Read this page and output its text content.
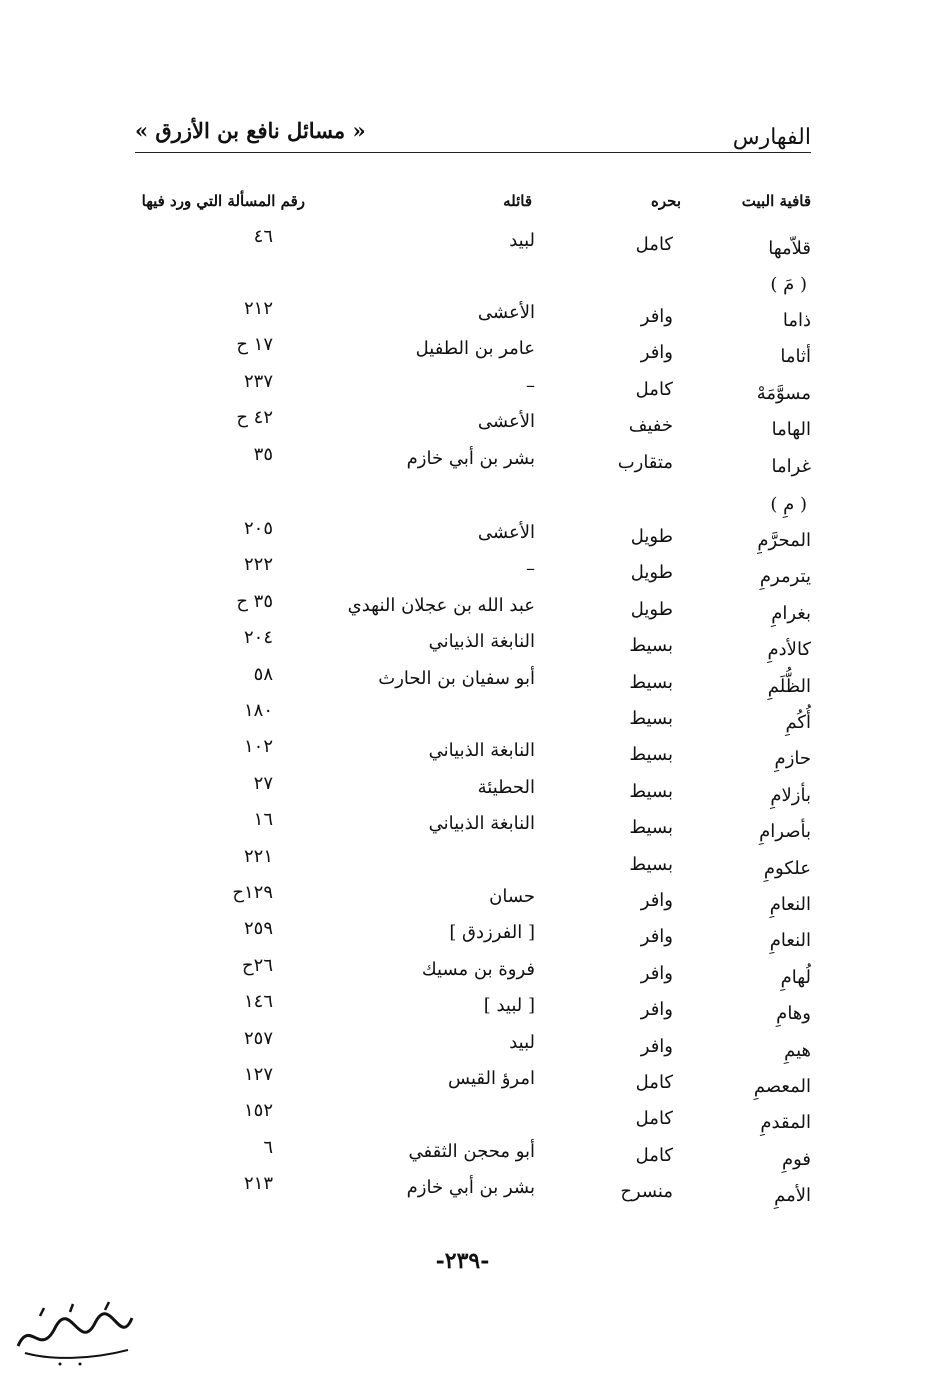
الفهارس
« مسائل نافع بن الأزرق »
قافية البيت
بحره
قائله
رقم المسألة التي ورد فيها
قلاّمها
كامل
لبيد
٤٦
( مَ )
ذاما
وافر
الأعشى
٢١٢
أثاما
وافر
عامر بن الطفيل
١٧ ح
مسوَّمَهْ
كامل
–
٢٣٧
الهاما
خفيف
الأعشى
٤٢ ح
غراما
متقارب
بشر بن أبي خازم
٣٥
( مِ )
المحرَّمِ
طويل
الأعشى
٢٠٥
يترمرمِ
طويل
–
٢٢٢
بغرامِ
طويل
عبد الله بن عجلان النهدي
٣٥ ح
كالأدمِ
بسيط
النابغة الذبياني
٢٠٤
الظُّلَمِ
بسيط
أبو سفيان بن الحارث
٥٨
أُكُمِ
بسيط
١٨٠
حازمِ
بسيط
النابغة الذبياني
١٠٢
بأزلامِ
بسيط
الحطيئة
٢٧
بأصرامِ
بسيط
النابغة الذبياني
١٦
علكومِ
بسيط
٢٢١
النعامِ
وافر
حسان
١٢٩ح
النعامِ
وافر
[ الفرزدق ]
٢٥٩
لُهامِ
وافر
فروة بن مسيك
٢٦ح
وهامِ
وافر
[ لبيد ]
١٤٦
هيمِ
وافر
لبيد
٢٥٧
المعصمِ
كامل
امرؤ القيس
١٢٧
المقدمِ
كامل
١٥٢
فومِ
كامل
أبو محجن الثقفي
٦
الأممِ
منسرح
بشر بن أبي خازم
٢١٣
-٢٣٩-
